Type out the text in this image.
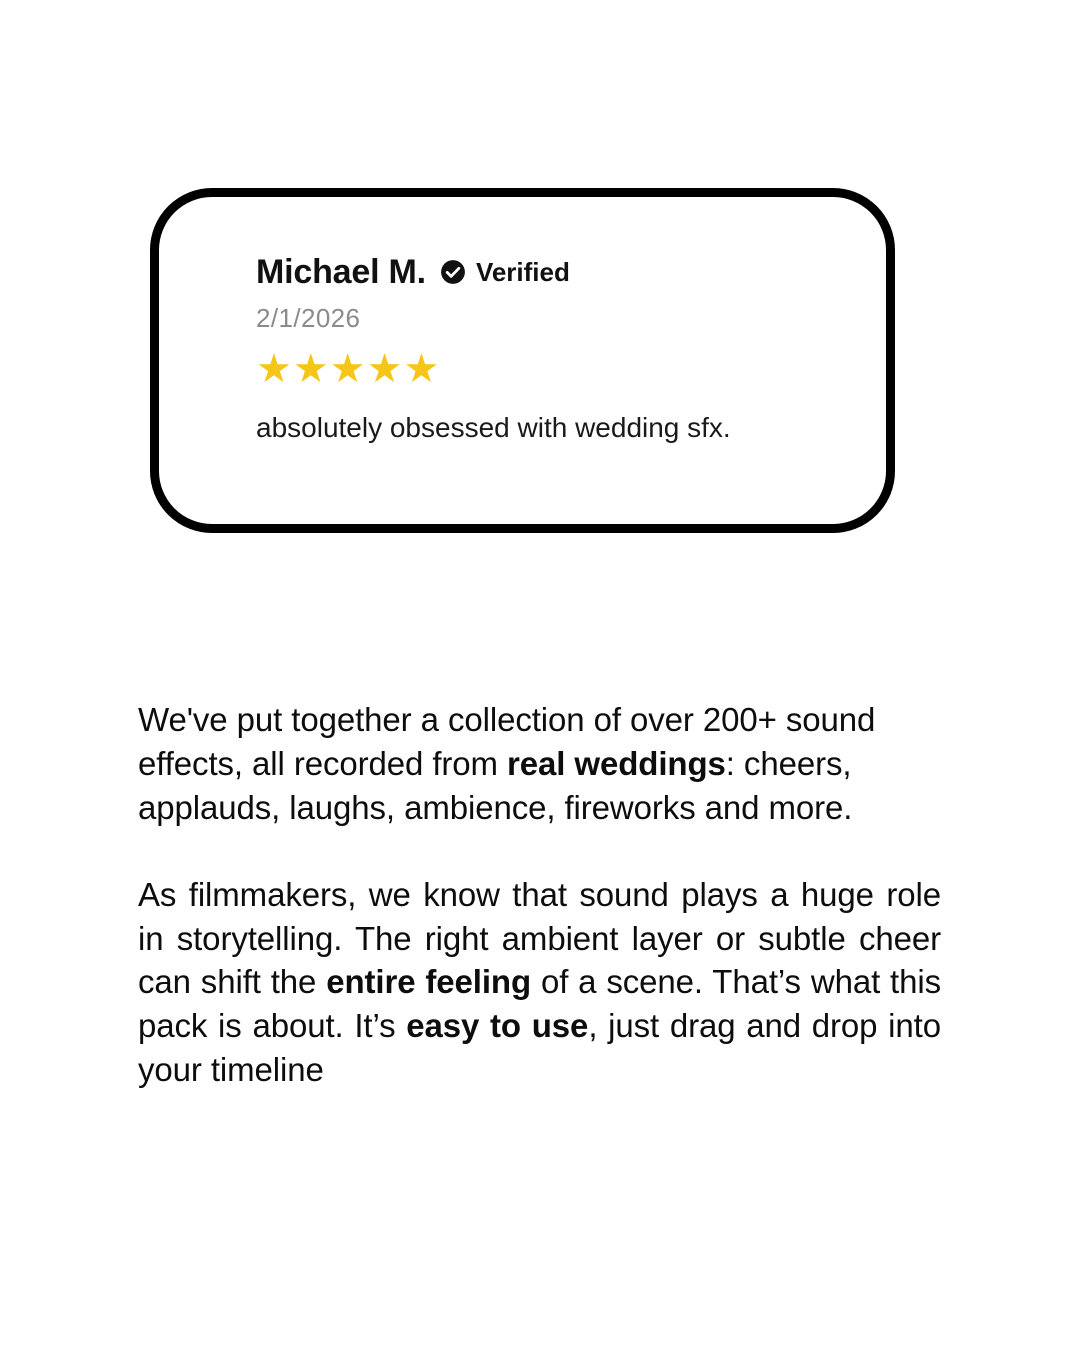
Michael M. Verified
2/1/2026
★★★★★
absolutely obsessed with wedding sfx.

We've put together a collection of over 200+ sound effects, all recorded from real weddings: cheers, applauds, laughs, ambience, fireworks and more.

As filmmakers, we know that sound plays a huge role in storytelling. The right ambient layer or subtle cheer can shift the entire feeling of a scene. That’s what this pack is about. It’s easy to use, just drag and drop into your timeline
